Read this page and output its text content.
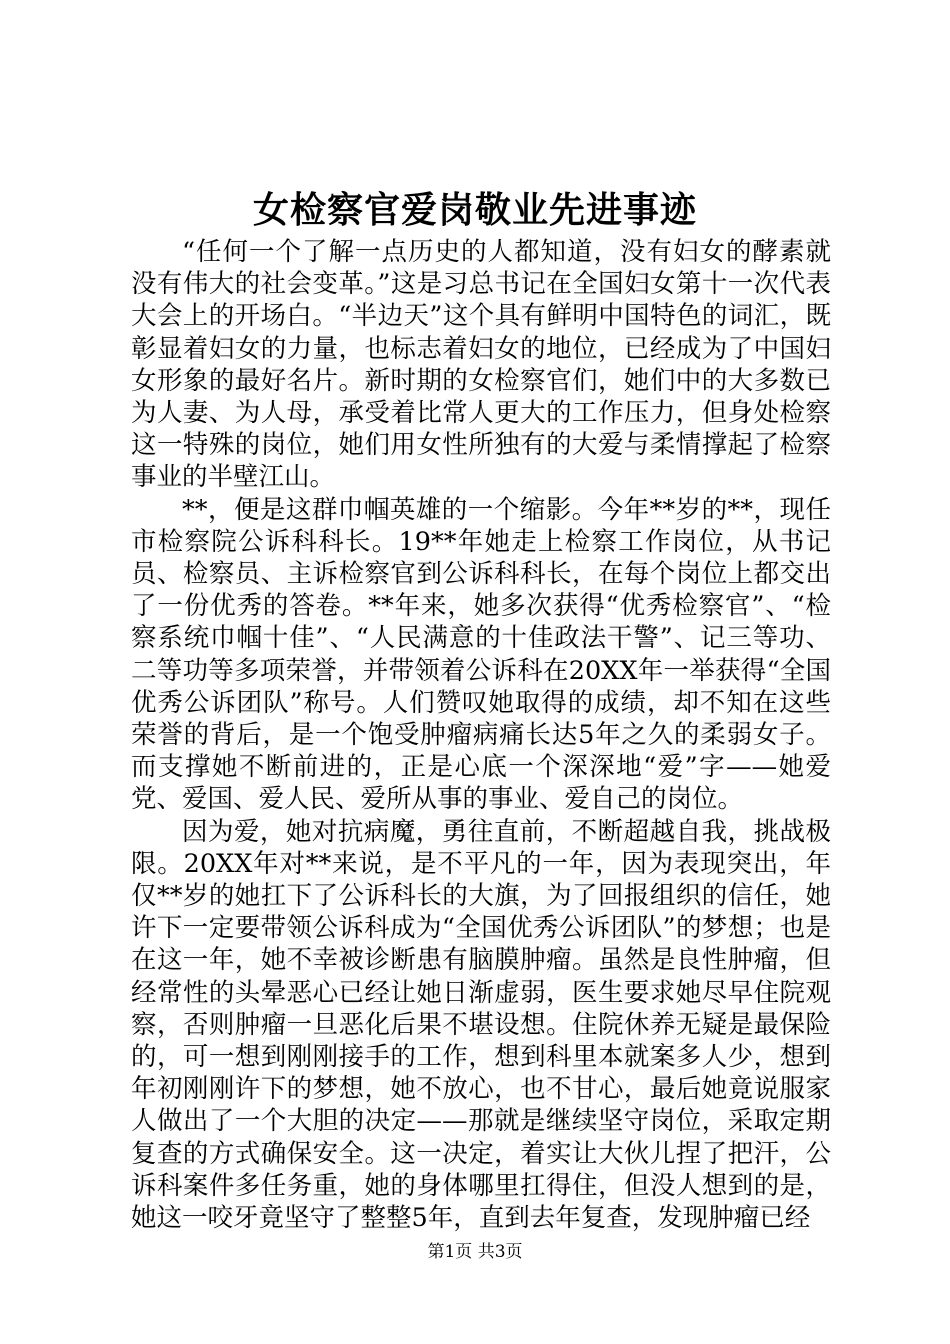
女检察官爱岗敬业先进事迹

“任何一个了解一点历史的人都知道，没有妇女的酵素就没有伟大的社会变革。”这是习总书记在全国妇女第十一次代表大会上的开场白。“半边天”这个具有鲜明中国特色的词汇，既彰显着妇女的力量，也标志着妇女的地位，已经成为了中国妇女形象的最好名片。新时期的女检察官们，她们中的大多数已为人妻、为人母，承受着比常人更大的工作压力，但身处检察这一特殊的岗位，她们用女性所独有的大爱与柔情撑起了检察事业的半壁江山。

**，便是这群巾帼英雄的一个缩影。今年**岁的**，现任市检察院公诉科科长。19**年她走上检察工作岗位，从书记员、检察员、主诉检察官到公诉科科长，在每个岗位上都交出了一份优秀的答卷。**年来，她多次获得“优秀检察官”、“检察系统巾帼十佳”、“人民满意的十佳政法干警”、记三等功、二等功等多项荣誉，并带领着公诉科在20XX年一举获得“全国优秀公诉团队”称号。人们赞叹她取得的成绩，却不知在这些荣誉的背后，是一个饱受肿瘤病痛长达5年之久的柔弱女子。而支撑她不断前进的，正是心底一个深深地“爱”字——她爱党、爱国、爱人民、爱所从事的事业、爱自己的岗位。

因为爱，她对抗病魔，勇往直前，不断超越自我，挑战极限。20XX年对**来说，是不平凡的一年，因为表现突出，年仅**岁的她扛下了公诉科长的大旗，为了回报组织的信任，她许下一定要带领公诉科成为“全国优秀公诉团队”的梦想；也是在这一年，她不幸被诊断患有脑膜肿瘤。虽然是良性肿瘤，但经常性的头晕恶心已经让她日渐虚弱，医生要求她尽早住院观察，否则肿瘤一旦恶化后果不堪设想。住院休养无疑是最保险的，可一想到刚刚接手的工作，想到科里本就案多人少，想到年初刚刚许下的梦想，她不放心，也不甘心，最后她竟说服家人做出了一个大胆的决定——那就是继续坚守岗位，采取定期复查的方式确保安全。这一决定，着实让大伙儿捏了把汗，公诉科案件多任务重，她的身体哪里扛得住，但没人想到的是，她这一咬牙竟坚守了整整5年，直到去年复查，发现肿瘤已经

第1页 共3页
